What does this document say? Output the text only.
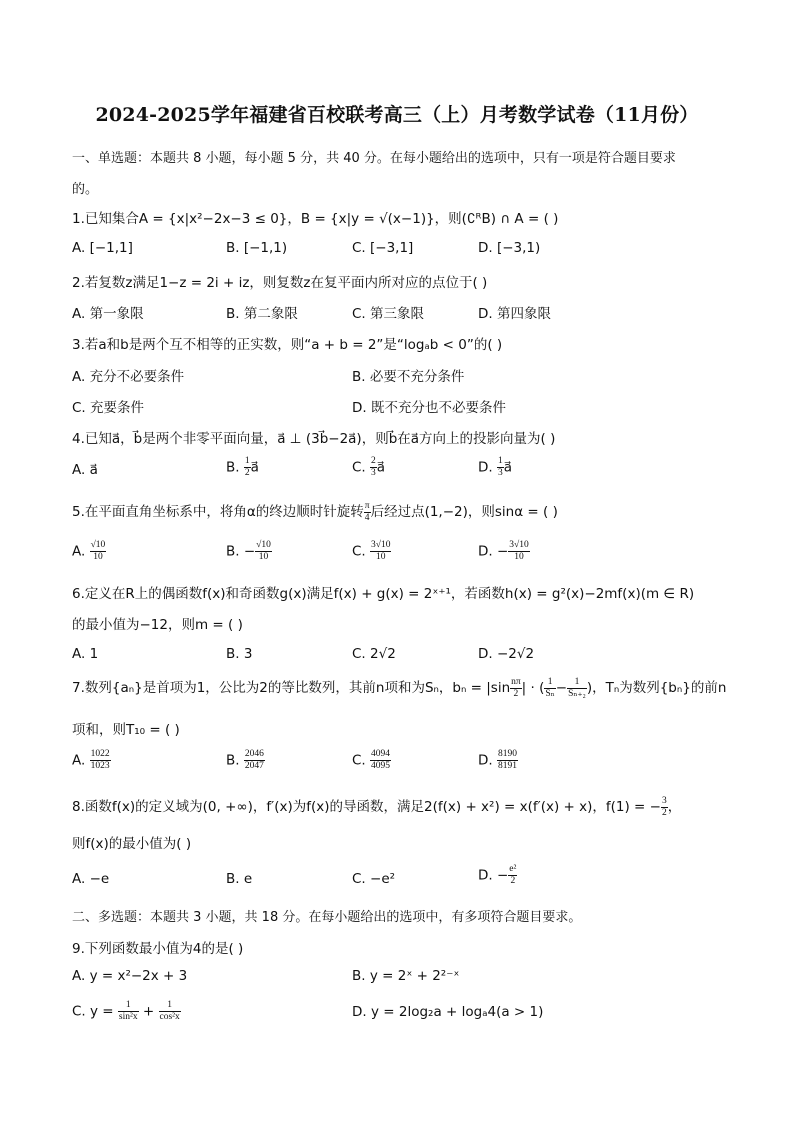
2024-2025学年福建省百校联考高三（上）月考数学试卷（11月份）
一、单选题：本题共 8 小题，每小题 5 分，共 40 分。在每小题给出的选项中，只有一项是符合题目要求
的。
1.已知集合A = {x|x²−2x−3 ≤ 0}，B = {x|y = √(x−1)}，则(∁ᴿB) ∩ A = ( )
A. [−1,1]	B. [−1,1)	C. [−3,1]	D. [−3,1)
2.若复数z满足1−z = 2i + iz，则复数z在复平面内所对应的点位于( )
A. 第一象限	B. 第二象限	C. 第三象限	D. 第四象限
3.若a和b是两个互不相等的正实数，则“a + b = 2”是“logₐb < 0”的( )
A. 充分不必要条件	B. 必要不充分条件
C. 充要条件	D. 既不充分也不必要条件
4.已知a⃗，b⃗是两个非零平面向量，a⃗ ⊥ (3b⃗−2a⃗)，则b⃗在a⃗方向上的投影向量为( )
A. a⃗	B. $\frac{1}{2}$ a⃗	C. $\frac{2}{3}$ a⃗	D. $\frac{1}{3}$ a⃗
5.在平面直角坐标系中，将角α的终边顺时针旋转 $\frac{\pi}{4}$ 后经过点(1,−2)，则sinα = ( )
A. $\frac{√10}{10}$	B. − $\frac{√10}{10}$	C. $\frac{3√10}{10}$	D. − $\frac{3√10}{10}$
6.定义在R上的偶函数f(x)和奇函数g(x)满足f(x) + g(x) = 2ˣ⁺¹，若函数h(x) = g²(x)−2mf(x)(m ∈ R)
的最小值为−12，则m = ( )
A. 1	B. 3	C. 2√2	D. −2√2
7.数列{aₙ}是首项为1，公比为2的等比数列，其前n项和为Sₙ，$b_n = |\sin \frac{n\pi}{2}$ | · ( $\frac{1}{\text{Sₙ}} - \frac{1}{\text{Sₙ₊₂}}$ )，Tₙ为数列{bₙ}的前n
项和，则T₁₀ = ( )
A. $\frac{1022}{1023}$	B. $\frac{2046}{2047}$	C. $\frac{4094}{4095}$	D. $\frac{8190}{8191}$
8.函数f(x)的定义域为(0, +∞)，f′(x)为f(x)的导函数，满足2(f(x) + x²) = x(f′(x) + x)，f(1) = − $\frac{3}{2}$ ，
则f(x)的最小值为( )
A. −e	B. e	C. −e²	D. − $\frac{\text{e²}}{2}$
二、多选题：本题共 3 小题，共 18 分。在每小题给出的选项中，有多项符合题目要求。
9.下列函数最小值为4的是( )
A. y = x²−2x + 3	B. y = 2ˣ + 2²⁻ˣ
C. $y = \frac{1}{\text{sin²x}} + \frac{1}{\text{cos²x}}$	D. y = 2log₂a + logₐ4(a > 1)
